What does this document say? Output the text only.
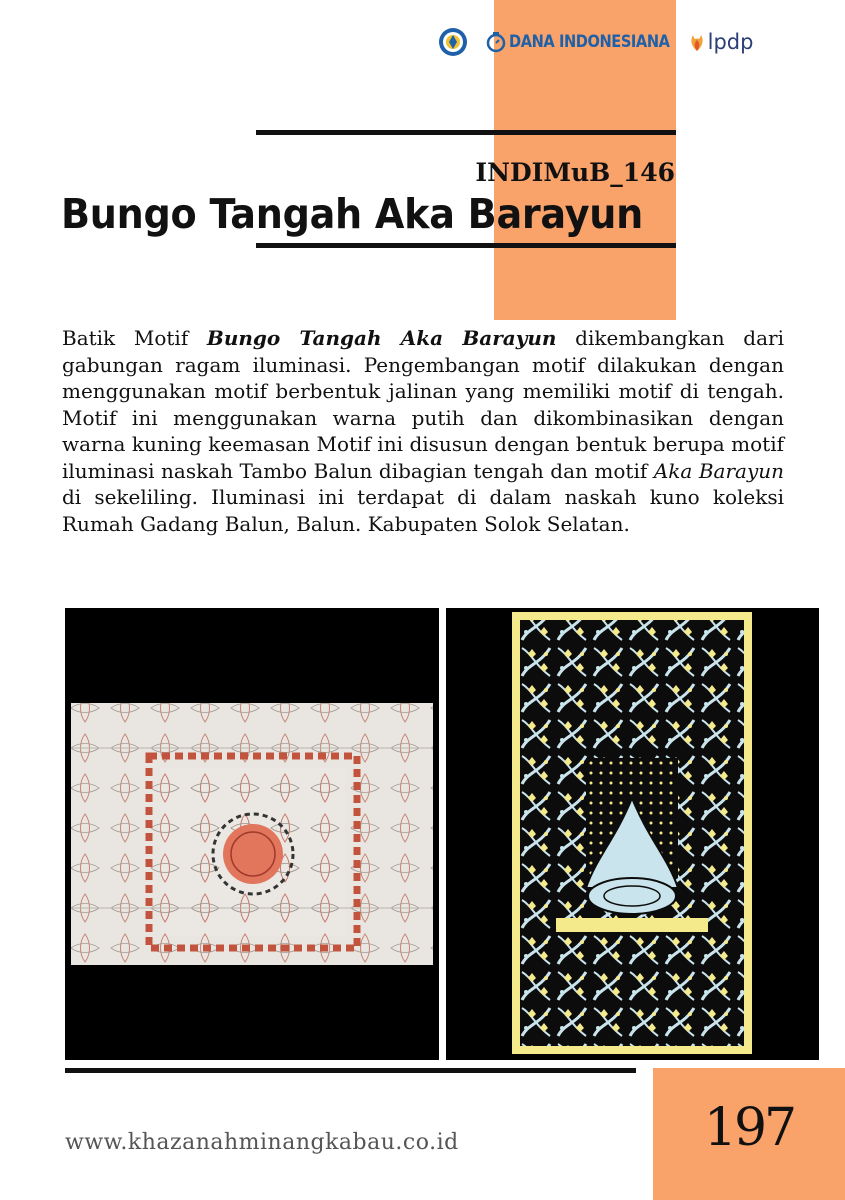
DANA INDONESIANA lpdp
INDIMuB_146
Bungo Tangah Aka Barayun
Batik Motif Bungo Tangah Aka Barayun dikembangkan dari gabungan ragam iluminasi. Pengembangan motif dilakukan dengan menggunakan motif berbentuk jalinan yang memiliki motif di tengah. Motif ini menggunakan warna putih dan dikombinasikan dengan warna kuning keemasan Motif ini disusun dengan bentuk berupa motif iluminasi naskah Tambo Balun dibagian tengah dan motif Aka Barayun di sekeliling. Iluminasi ini terdapat di dalam naskah kuno koleksi Rumah Gadang Balun, Balun. Kabupaten Solok Selatan.
197
www.khazanahminangkabau.co.id
